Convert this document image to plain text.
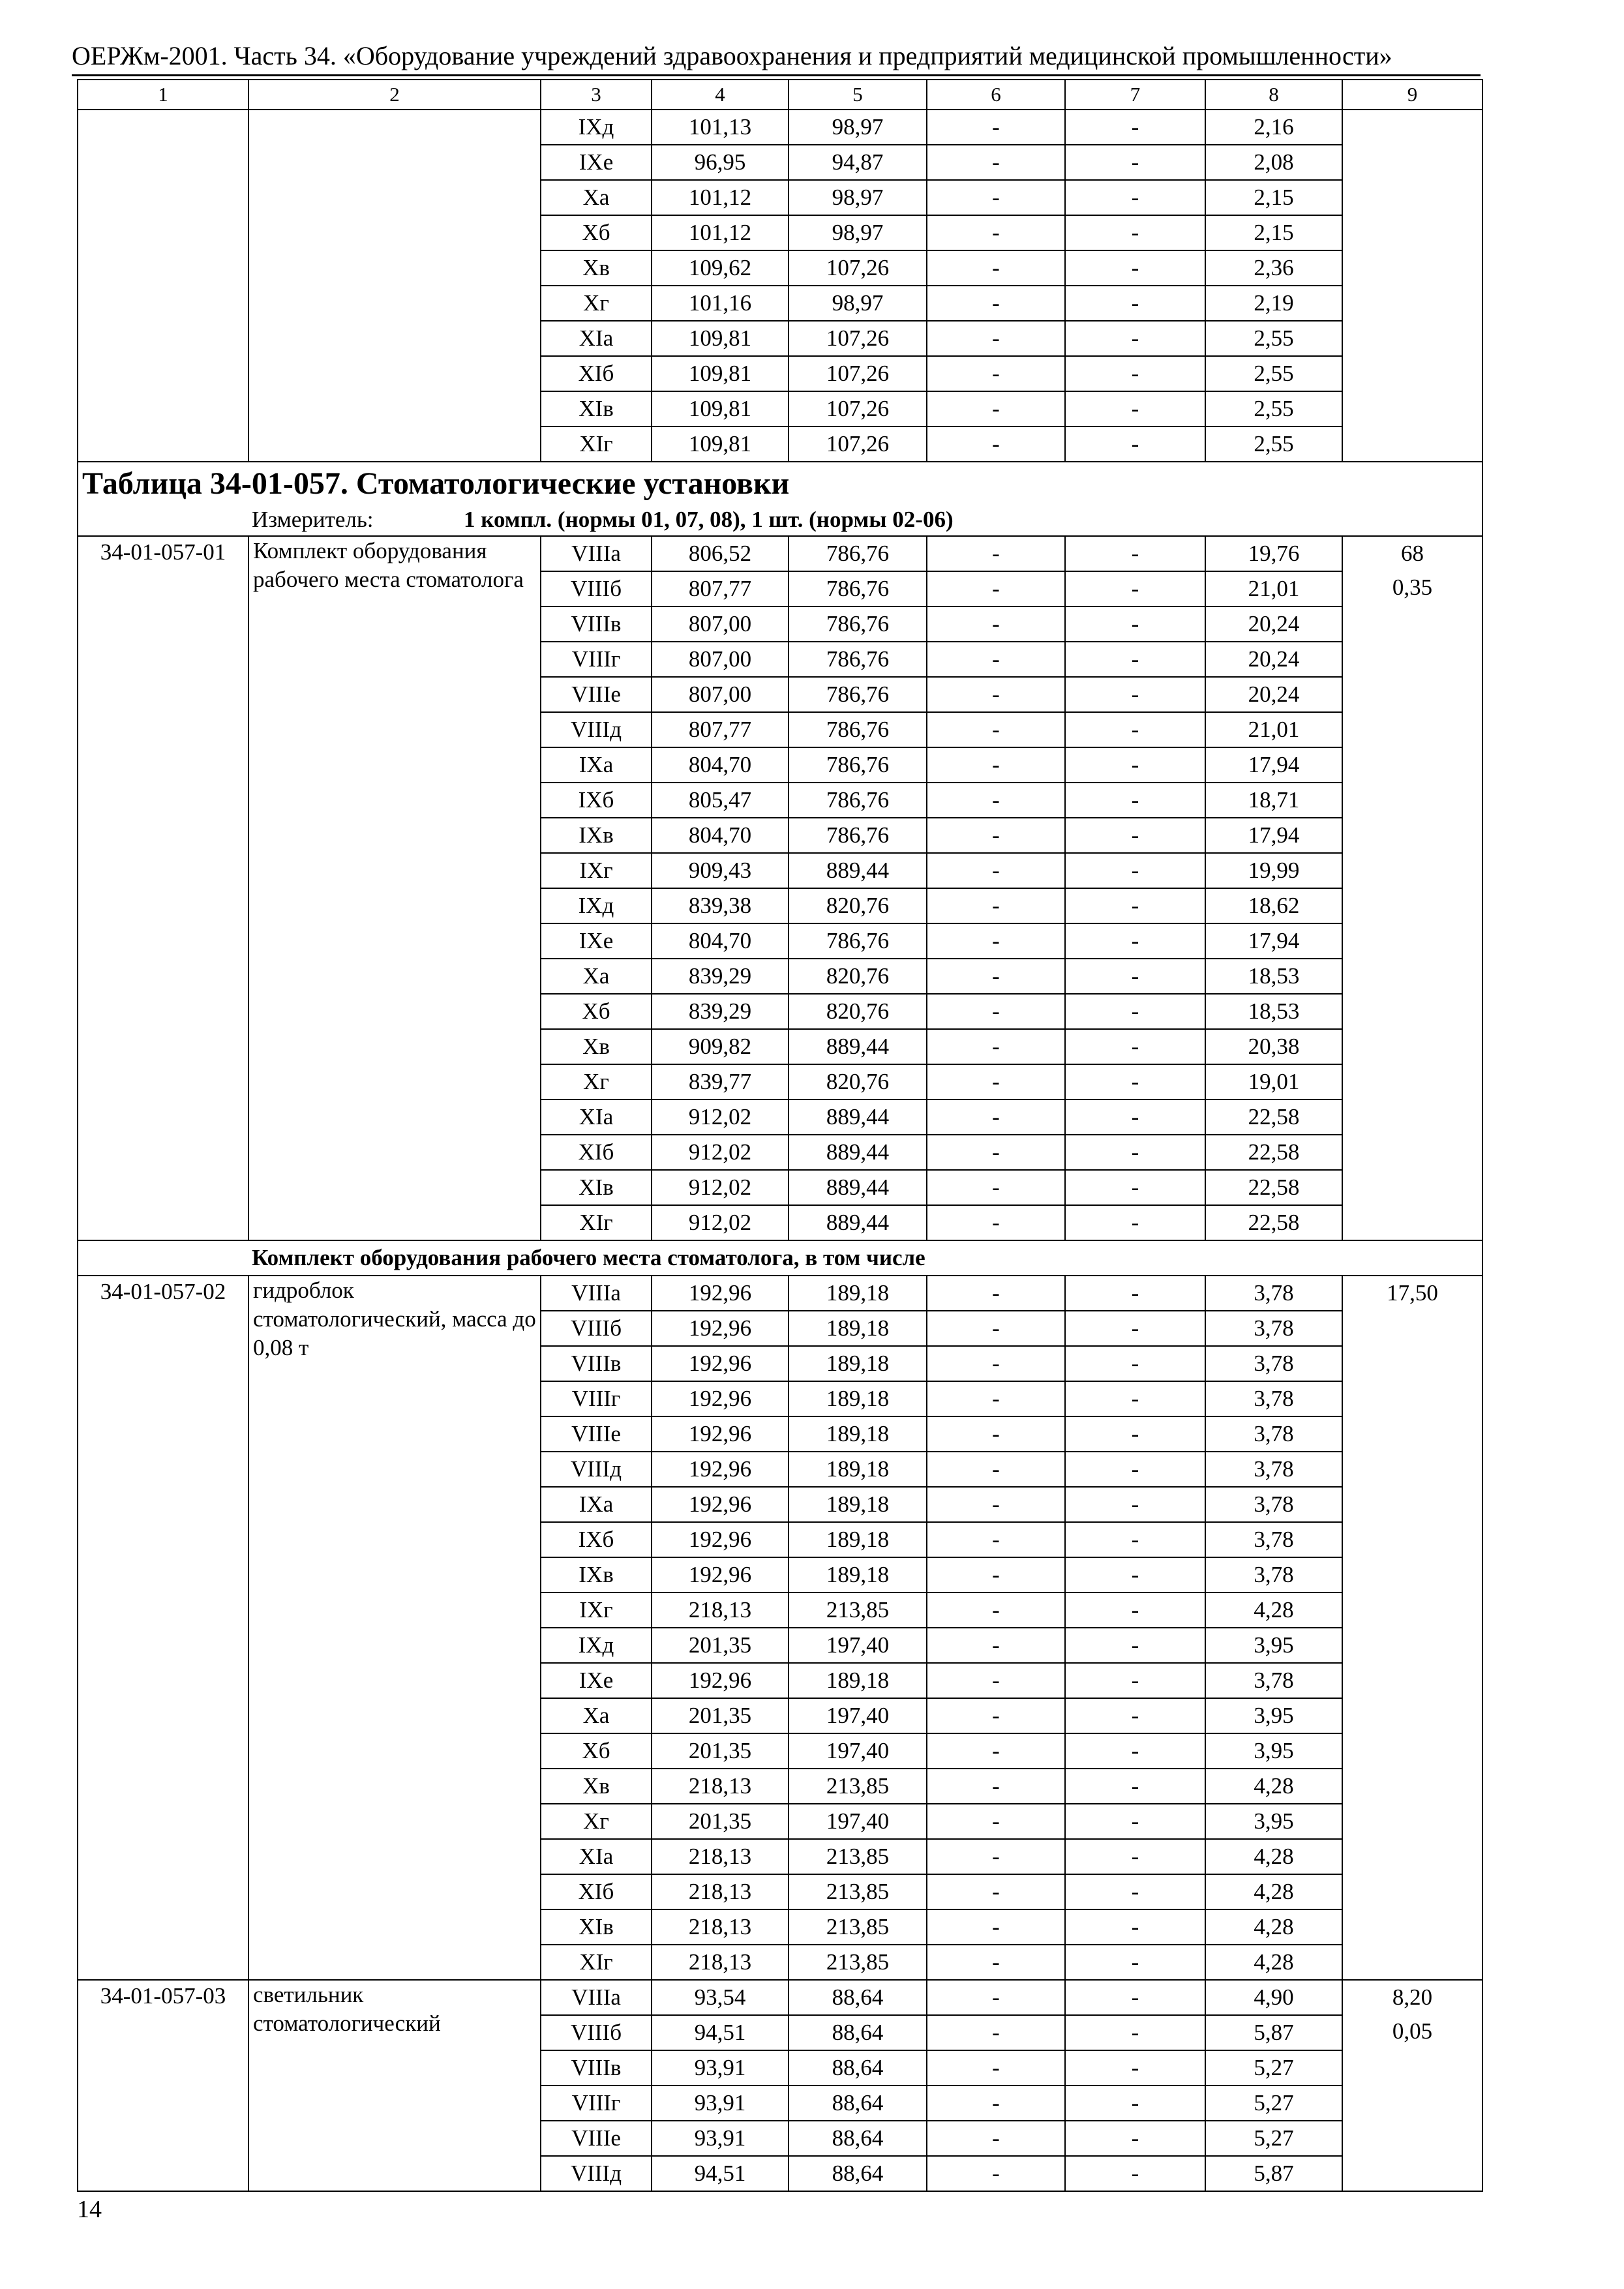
ОЕРЖм-2001. Часть 34. «Оборудование учреждений здравоохранения и предприятий медицинской промышленности»
1	2	3	4	5	6	7	8	9
		IXд	101,13	98,97	-	-	2,16	
		IXе	96,95	94,87	-	-	2,08	
		Xа	101,12	98,97	-	-	2,15	
		Xб	101,12	98,97	-	-	2,15	
		Xв	109,62	107,26	-	-	2,36	
		Xг	101,16	98,97	-	-	2,19	
		XIа	109,81	107,26	-	-	2,55	
		XIб	109,81	107,26	-	-	2,55	
		XIв	109,81	107,26	-	-	2,55	
		XIг	109,81	107,26	-	-	2,55	

Таблица 34-01-057. Стоматологические установки
Измеритель: 1 компл. (нормы 01, 07, 08), 1 шт. (нормы 02-06)								

34-01-057-01	Комплект оборудования рабочего места стоматолога	VIIIа	806,52	786,76	-	-	19,76	68
0,35

		VIIIб	807,77	786,76	-	-	21,01	
		VIIIв	807,00	786,76	-	-	20,24	
		VIIIг	807,00	786,76	-	-	20,24	
		VIIIе	807,00	786,76	-	-	20,24	
		VIIIд	807,77	786,76	-	-	21,01	
		IXа	804,70	786,76	-	-	17,94	
		IXб	805,47	786,76	-	-	18,71	
		IXв	804,70	786,76	-	-	17,94	
		IXг	909,43	889,44	-	-	19,99	
		IXд	839,38	820,76	-	-	18,62	
		IXе	804,70	786,76	-	-	17,94	
		Xа	839,29	820,76	-	-	18,53	
		Xб	839,29	820,76	-	-	18,53	
		Xв	909,82	889,44	-	-	20,38	
		Xг	839,77	820,76	-	-	19,01	
		XIа	912,02	889,44	-	-	22,58	
		XIб	912,02	889,44	-	-	22,58	
		XIв	912,02	889,44	-	-	22,58	
		XIг	912,02	889,44	-	-	22,58	
Комплект оборудования рабочего места стоматолога, в том числе								
34-01-057-02	гидроблок стоматологический, масса до 0,08 т	VIIIа	192,96	189,18	-	-	3,78	17,50

		VIIIб	192,96	189,18	-	-	3,78	
		VIIIв	192,96	189,18	-	-	3,78	
		VIIIг	192,96	189,18	-	-	3,78	
		VIIIе	192,96	189,18	-	-	3,78	
		VIIIд	192,96	189,18	-	-	3,78	
		IXа	192,96	189,18	-	-	3,78	
		IXб	192,96	189,18	-	-	3,78	
		IXв	192,96	189,18	-	-	3,78	
		IXг	218,13	213,85	-	-	4,28	
		IXд	201,35	197,40	-	-	3,95	
		IXе	192,96	189,18	-	-	3,78	
		Xа	201,35	197,40	-	-	3,95	
		Xб	201,35	197,40	-	-	3,95	
		Xв	218,13	213,85	-	-	4,28	
		Xг	201,35	197,40	-	-	3,95	
		XIа	218,13	213,85	-	-	4,28	
		XIб	218,13	213,85	-	-	4,28	
		XIв	218,13	213,85	-	-	4,28	
		XIг	218,13	213,85	-	-	4,28	
34-01-057-03	светильник стоматологический	VIIIа	93,54	88,64	-	-	4,90	8,20
0,05

		VIIIб	94,51	88,64	-	-	5,87	
		VIIIв	93,91	88,64	-	-	5,27	
		VIIIг	93,91	88,64	-	-	5,27	
		VIIIе	93,91	88,64	-	-	5,27	
		VIIIд	94,51	88,64	-	-	5,87	
14
